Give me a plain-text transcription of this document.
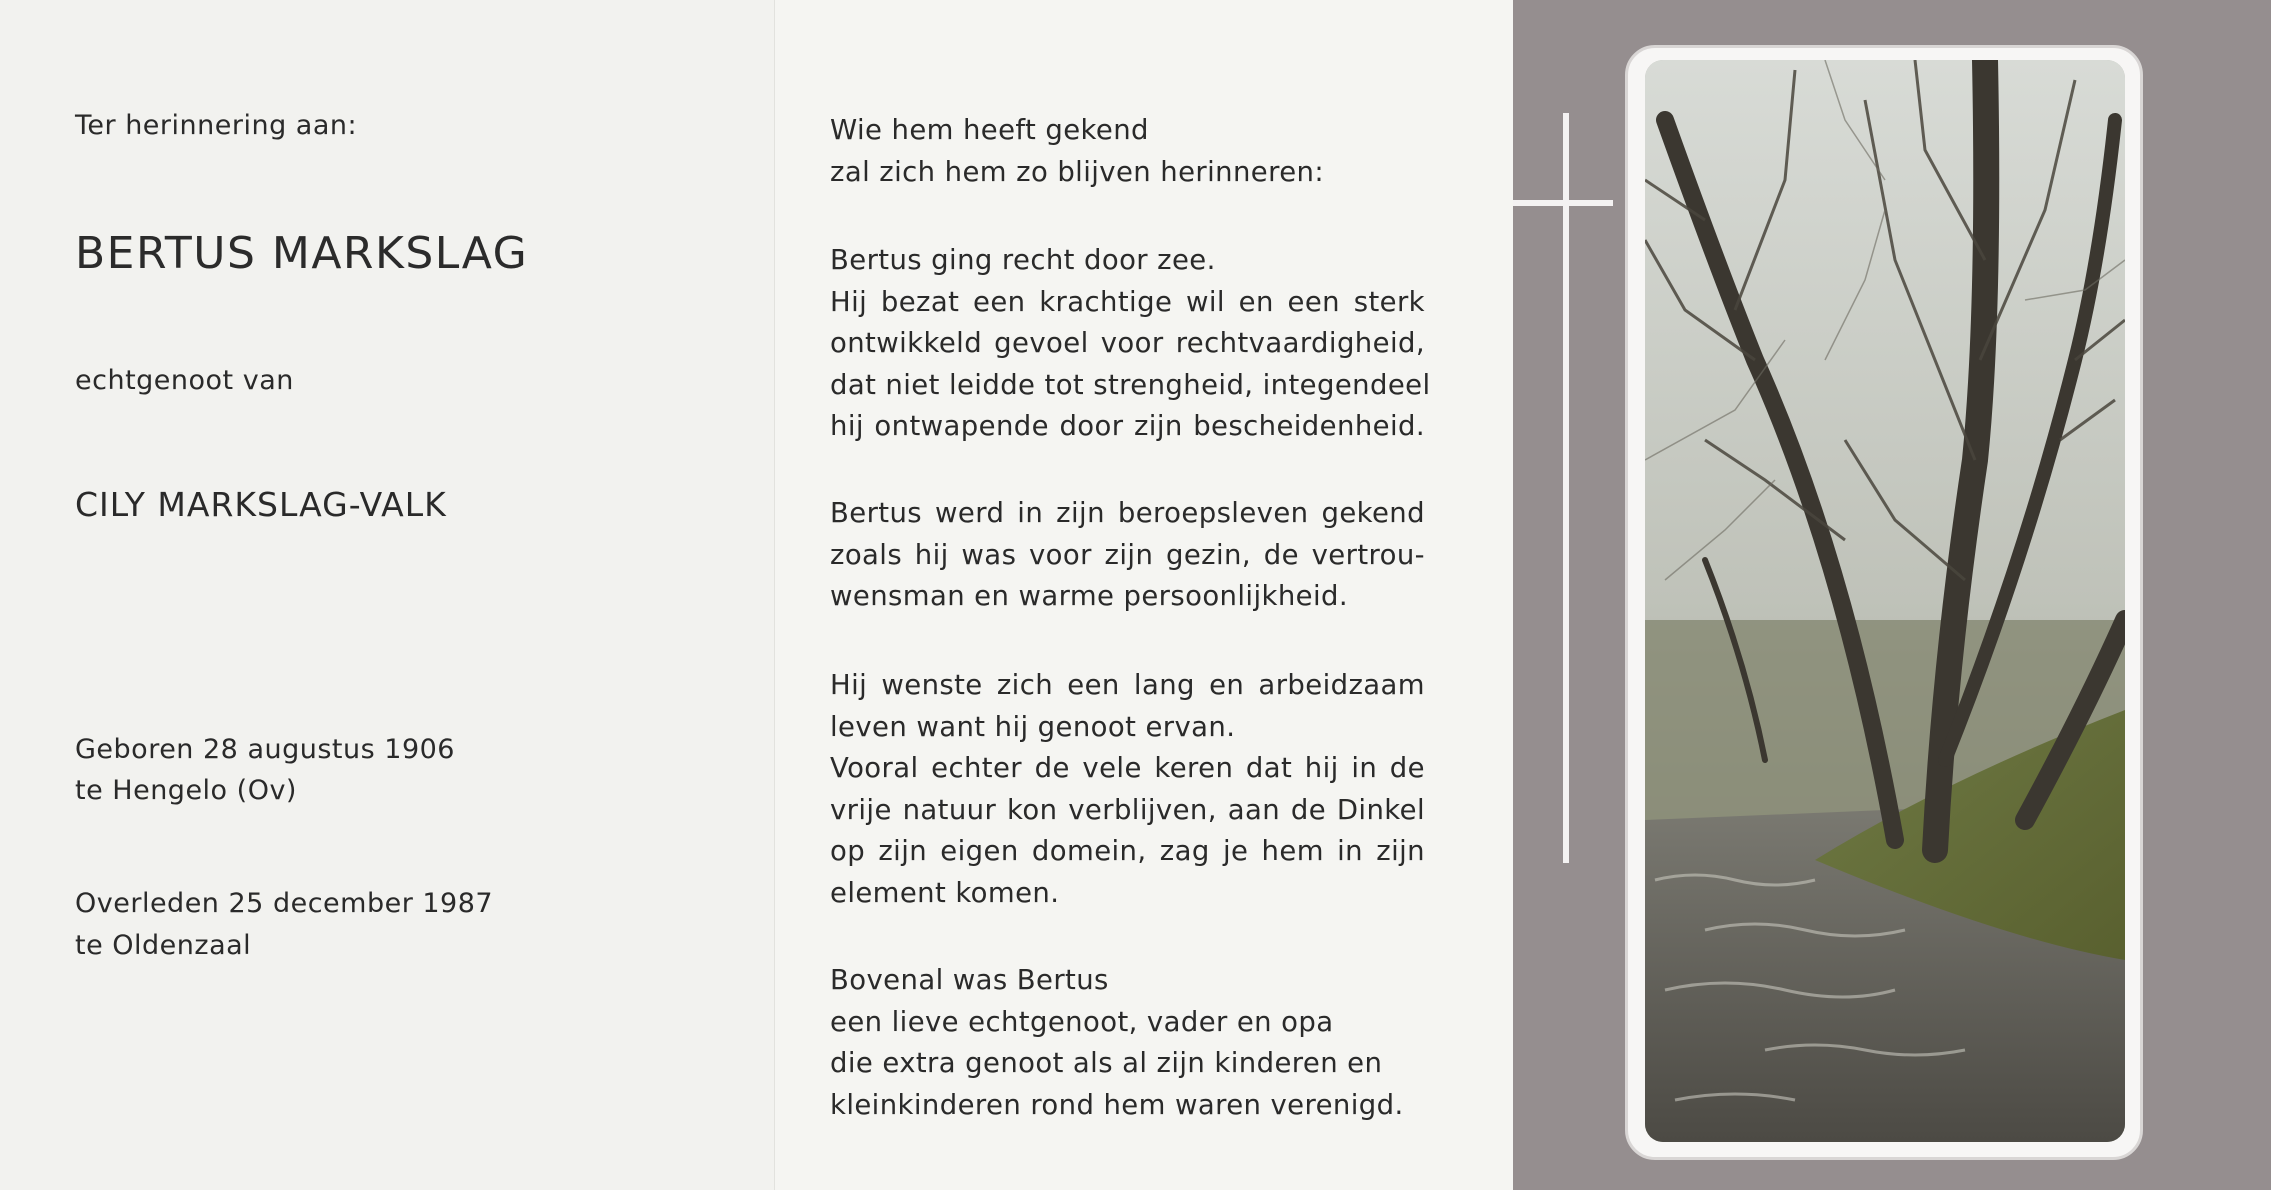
Ter herinnering aan:

BERTUS MARKSLAG

echtgenoot van

CILY MARKSLAG-VALK

Geboren 28 augustus 1906

te Hengelo (Ov)

Overleden 25 december 1987

te Oldenzaal

Wie hem heeft gekend
zal zich hem zo blijven herinneren:

Bertus ging recht door zee.
Hij bezat een krachtige wil en een sterk
ontwikkeld gevoel voor rechtvaardigheid,
dat niet leidde tot strengheid, integendeel
hij ontwapende door zijn bescheidenheid.

Bertus werd in zijn beroepsleven gekend
zoals hij was voor zijn gezin, de vertrou-
wensman en warme persoonlijkheid.

Hij wenste zich een lang en arbeidzaam
leven want hij genoot ervan.
Vooral echter de vele keren dat hij in de
vrije natuur kon verblijven, aan de Dinkel
op zijn eigen domein, zag je hem in zijn
element komen.

Bovenal was Bertus
een lieve echtgenoot, vader en opa
die extra genoot als al zijn kinderen en
kleinkinderen rond hem waren verenigd.
